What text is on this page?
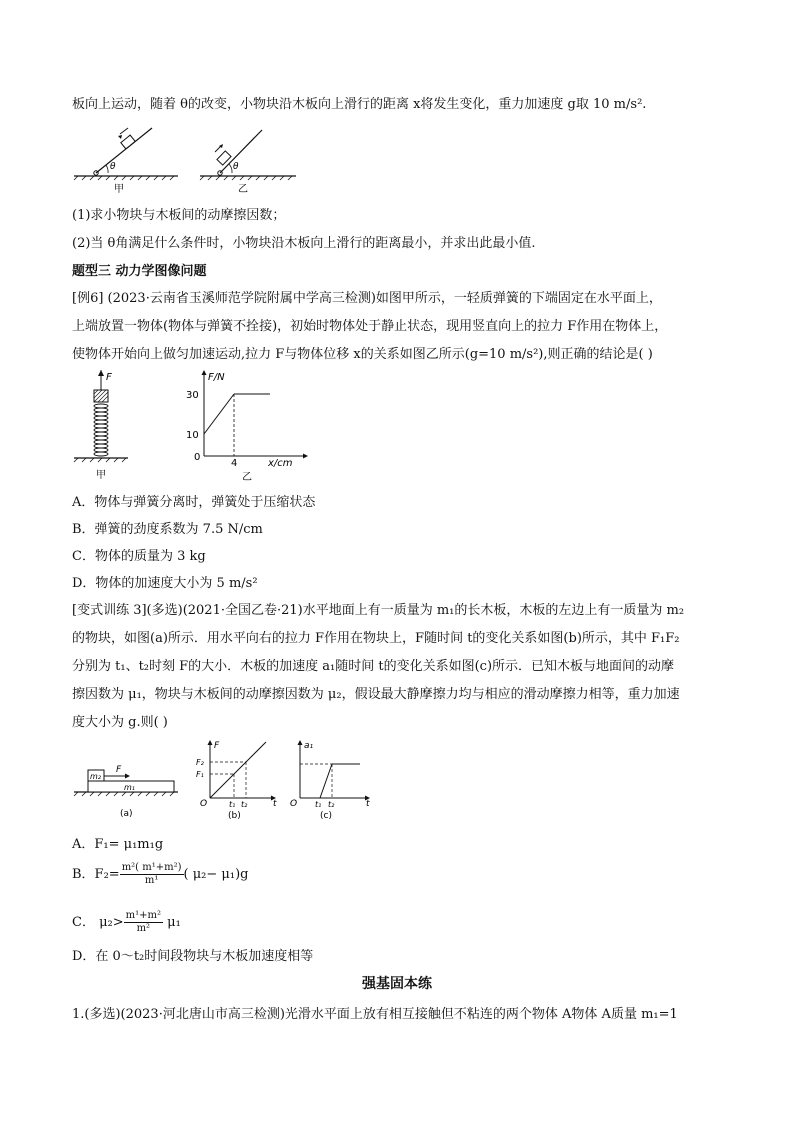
板向上运动，随着 θ的改变，小物块沿木板向上滑行的距离 x将发生变化，重力加速度 g取 10 m/s².
θ
甲
θ
乙
(1)求小物块与木板间的动摩擦因数；
(2)当 θ角满足什么条件时，小物块沿木板向上滑行的距离最小，并求出此最小值.
题型三 动力学图像问题
[例6] (2023·云南省玉溪师范学院附属中学高三检测)如图甲所示，一轻质弹簧的下端固定在水平面上，
上端放置一物体(物体与弹簧不拴接)，初始时物体处于静止状态，现用竖直向上的拉力 F作用在物体上，
使物体开始向上做匀加速运动,拉力 F与物体位移 x的关系如图乙所示(g=10 m/s²),则正确的结论是( )
F
甲
F/N
x/cm
30
10
0
4
乙
A．物体与弹簧分离时，弹簧处于压缩状态
B．弹簧的劲度系数为 7.5 N/cm
C．物体的质量为 3 kg
D．物体的加速度大小为 5 m/s²
[变式训练 3](多选)(2021·全国乙卷·21)水平地面上有一质量为 m₁的长木板，木板的左边上有一质量为 m₂
的物块，如图(a)所示．用水平向右的拉力 F作用在物块上，F随时间 t的变化关系如图(b)所示，其中 F₁F₂
分别为 t₁、t₂时刻 F的大小．木板的加速度 a₁随时间 t的变化关系如图(c)所示．已知木板与地面间的动摩
擦因数为 μ₁，物块与木板间的动摩擦因数为 μ₂，假设最大静摩擦力均与相应的滑动摩擦力相等，重力加速
度大小为 g.则( )
m₁
m₂
F
(a)
F
F₂
F₁
O	t₁ t₂	t
(b)
a₁
O t₁ t₂	t
(c)
A．F₁= μ₁m₁g
B．$F_2= \frac{\text{m²( m¹+m²)}}{\text{m¹}}$ ( μ₂− μ₁)g
C． $\mu_2> \frac{\text{m¹+m²}}{\text{m²}} \mu_1$
D．在 0～t₂时间段物块与木板加速度相等
强基固本练
1.(多选)(2023·河北唐山市高三检测)光滑水平面上放有相互接触但不粘连的两个物体 A物体 A质量 m₁=1
